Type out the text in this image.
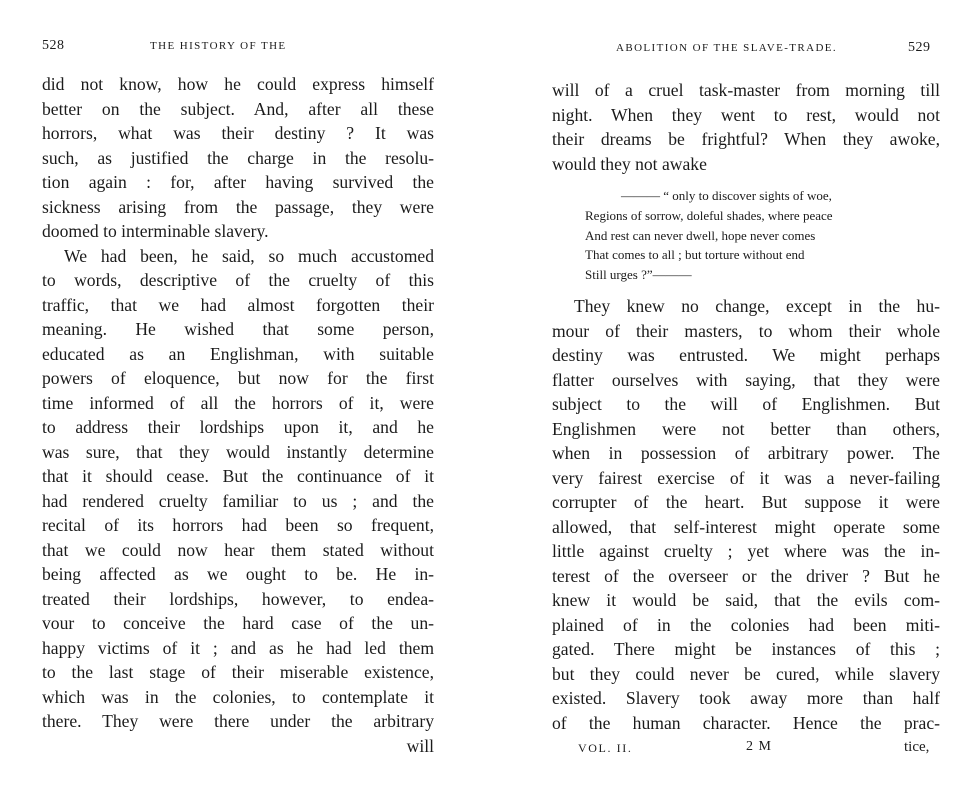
528	THE HISTORY OF THE
did not know, how he could express himself
better on the subject. And, after all these
horrors, what was their destiny ? It was
such, as justified the charge in the resolu-
tion again : for, after having survived the
sickness arising from the passage, they were
doomed to interminable slavery.
We had been, he said, so much accustomed
to words, descriptive of the cruelty of this
traffic, that we had almost forgotten their
meaning. He wished that some person,
educated as an Englishman, with suitable
powers of eloquence, but now for the first
time informed of all the horrors of it, were
to address their lordships upon it, and he
was sure, that they would instantly determine
that it should cease. But the continuance of it
had rendered cruelty familiar to us ; and the
recital of its horrors had been so frequent,
that we could now hear them stated without
being affected as we ought to be. He in-
treated their lordships, however, to endea-
vour to conceive the hard case of the un-
happy victims of it ; and as he had led them
to the last stage of their miserable existence,
which was in the colonies, to contemplate it
there. They were there under the arbitrary
will
ABOLITION OF THE SLAVE-TRADE.	529
will of a cruel task-master from morning till
night. When they went to rest, would not
their dreams be frightful? When they awoke,
would they not awake
——— “ only to discover sights of woe,
Regions of sorrow, doleful shades, where peace
And rest can never dwell, hope never comes
That comes to all ; but torture without end
Still urges ?”———
They knew no change, except in the hu-
mour of their masters, to whom their whole
destiny was entrusted. We might perhaps
flatter ourselves with saying, that they were
subject to the will of Englishmen. But
Englishmen were not better than others,
when in possession of arbitrary power. The
very fairest exercise of it was a never-failing
corrupter of the heart. But suppose it were
allowed, that self-interest might operate some
little against cruelty ; yet where was the in-
terest of the overseer or the driver ? But he
knew it would be said, that the evils com-
plained of in the colonies had been miti-
gated. There might be instances of this ;
but they could never be cured, while slavery
existed. Slavery took away more than half
of the human character. Hence the prac-
VOL. II.	2 M	tice,
